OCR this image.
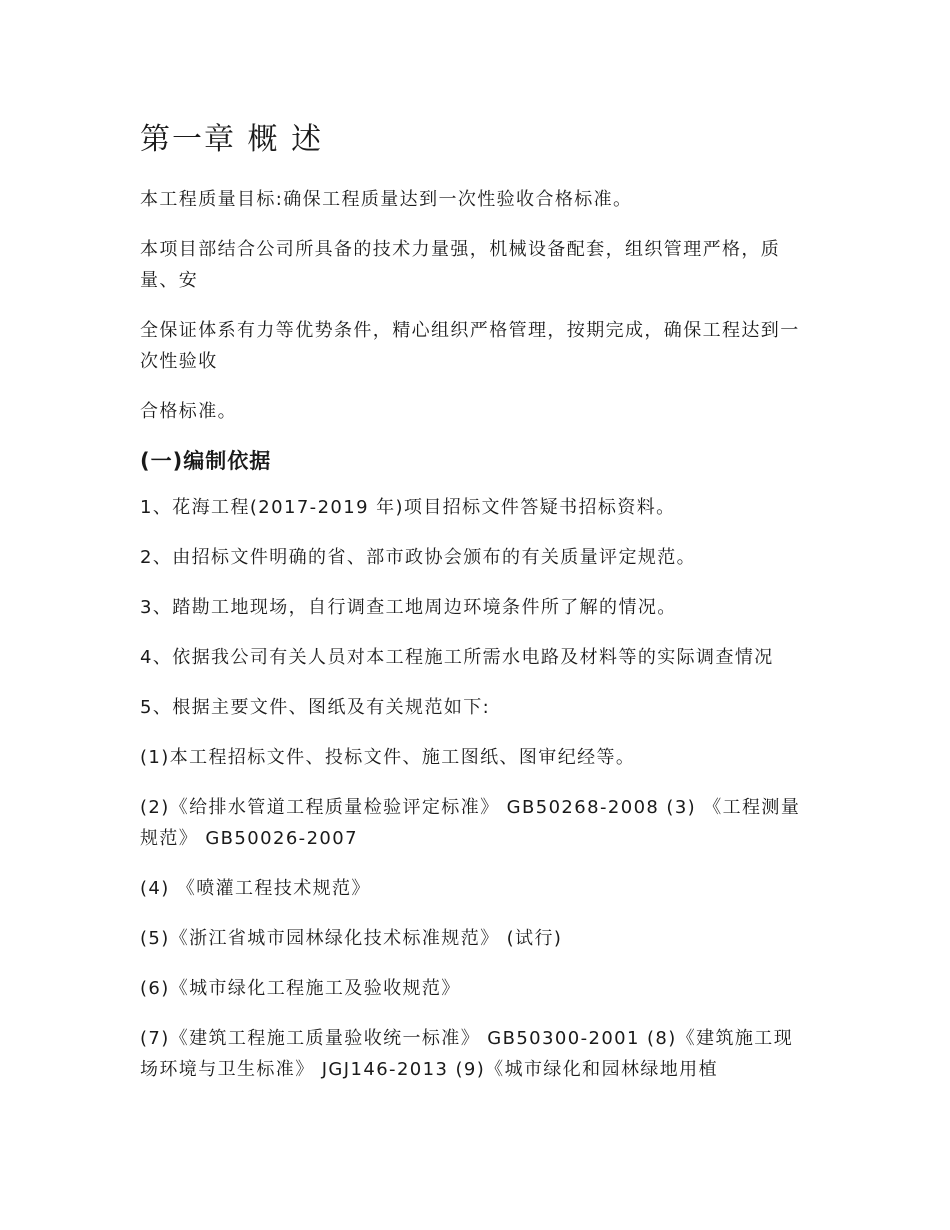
第一章 概 述

本工程质量目标:确保工程质量达到一次性验收合格标准。

本项目部结合公司所具备的技术力量强，机械设备配套，组织管理严格，质量、安

全保证体系有力等优势条件，精心组织严格管理，按期完成，确保工程达到一次性验收

合格标准。

(一)编制依据

1、花海工程(2017-2019 年)项目招标文件答疑书招标资料。

2、由招标文件明确的省、部市政协会颁布的有关质量评定规范。

3、踏勘工地现场，自行调查工地周边环境条件所了解的情况。

4、依据我公司有关人员对本工程施工所需水电路及材料等的实际调查情况

5、根据主要文件、图纸及有关规范如下:

(1)本工程招标文件、投标文件、施工图纸、图审纪经等。

(2)《给排水管道工程质量检验评定标准》 GB50268-2008 (3) 《工程测量规范》 GB50026-2007

(4) 《喷灌工程技术规范》

(5)《浙江省城市园林绿化技术标准规范》 (试行)

(6)《城市绿化工程施工及验收规范》

(7)《建筑工程施工质量验收统一标准》 GB50300-2001 (8)《建筑施工现场环境与卫生标准》 JGJ146-2013 (9)《城市绿化和园林绿地用植
